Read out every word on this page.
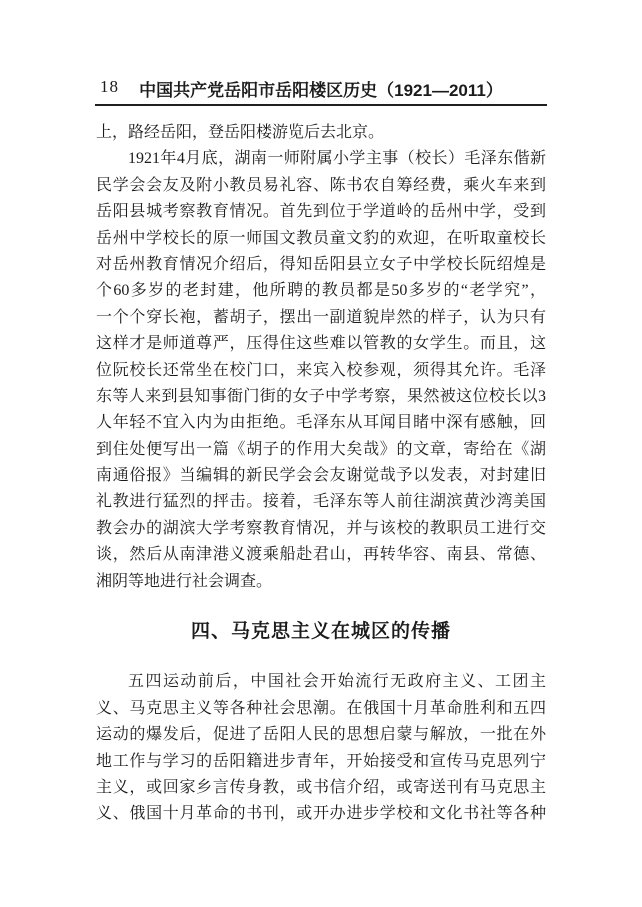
18	中国共产党岳阳市岳阳楼区历史（1921—2011）
上，路经岳阳，登岳阳楼游览后去北京。
1921年4月底，湖南一师附属小学主事（校长）毛泽东偕新
民学会会友及附小教员易礼容、陈书农自筹经费，乘火车来到
岳阳县城考察教育情况。首先到位于学道岭的岳州中学，受到
岳州中学校长的原一师国文教员童文豹的欢迎，在听取童校长
对岳州教育情况介绍后，得知岳阳县立女子中学校长阮绍煌是
个60多岁的老封建，他所聘的教员都是50多岁的“老学究”，
一个个穿长袍，蓄胡子，摆出一副道貌岸然的样子，认为只有
这样才是师道尊严，压得住这些难以管教的女学生。而且，这
位阮校长还常坐在校门口，来宾入校参观，须得其允许。毛泽
东等人来到县知事衙门街的女子中学考察，果然被这位校长以3
人年轻不宜入内为由拒绝。毛泽东从耳闻目睹中深有感触，回
到住处便写出一篇《胡子的作用大矣哉》的文章，寄给在《湖
南通俗报》当编辑的新民学会会友谢觉哉予以发表，对封建旧
礼教进行猛烈的抨击。接着，毛泽东等人前往湖滨黄沙湾美国
教会办的湖滨大学考察教育情况，并与该校的教职员工进行交
谈，然后从南津港义渡乘船赴君山，再转华容、南县、常德、
湘阴等地进行社会调查。
四、马克思主义在城区的传播
五四运动前后，中国社会开始流行无政府主义、工团主
义、马克思主义等各种社会思潮。在俄国十月革命胜利和五四
运动的爆发后，促进了岳阳人民的思想启蒙与解放，一批在外
地工作与学习的岳阳籍进步青年，开始接受和宣传马克思列宁
主义，或回家乡言传身教，或书信介绍，或寄送刊有马克思主
义、俄国十月革命的书刊，或开办进步学校和文化书社等各种
